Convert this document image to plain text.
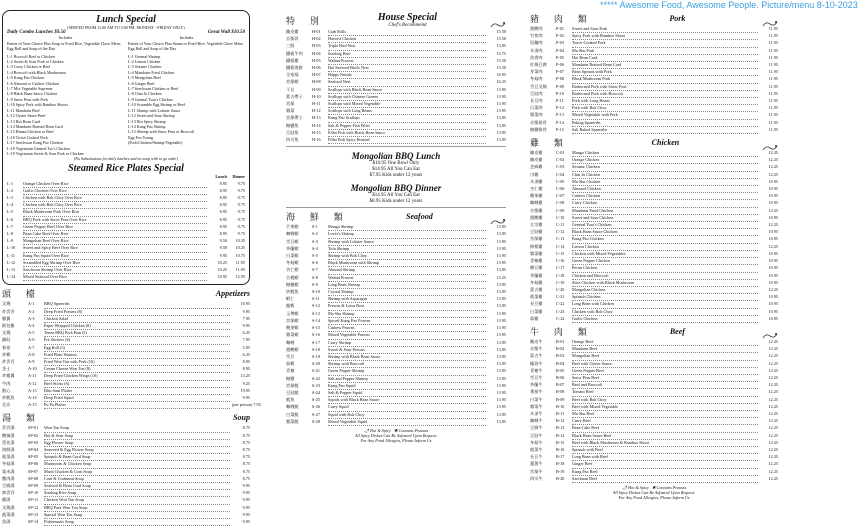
***** Awesome Food, Awesome People. Picture/menu 8-10-2023
Lunch Special
(SERVED FROM 11:00 AM TO 3:00 PM, MONDAY - FRIDAY ONLY)
Daily Combo Lunches $9.50
Includes
Entree of Your Choice Plus Soup or Fried Rice, Vegetable Chow Mein, Egg Roll and Soup of the Day
L-1 Broccoli Beef or Chicken
L-2 Sweet & Sour Pork or Chicken
L-3 Curry Chicken or Beef
L-4 Broccoli with Black Mushrooms
L-5 Kung Pao Chicken
L-6 Almond or Cashew Chicken
L-7 Mix Vegetable Supreme
L-8 Black Bean Sauce Chicken
L-9 Snow Peas with Pork
L-10 Spicy Pork with Bamboo Shoots
L-11 Mandarin Beef
L-12 Oyster Sauce Beef
L-13 Hot Bean Curd
L-14 Mandarin Braised Bean Curd
L-15 Hunan Chicken or Beef
L-16 Twice-Cooked Pork
L-17 Szechwan Kung Pao Chicken
L-18 Vegetarian General Tso's Chicken
L-19 Vegetarian Sweet & Sour Pork or Chicken
Great Wall $10.50
Includes
Entree of Your Choice Plus Steam or Fried Rice, Vegetable Chow Mein, Egg Roll and Soup of the Day
L-1 General Shrimp
L-2 Lemon Chicken
L-3 Sesame Chicken
L-4 Mandarin Fried Chicken
L-5 Mongolian Beef
L-6 Ginger Beef
L-7 Szechwan Chicken or Beef
L-8 Chin Ju Chicken
L-9 General Tsao's Chicken
L-10 Scramble Egg Shrimp or Beef
L-11 Shrimp with Lobster Sauce
L-12 Sweet and Sour Shrimp
L-13 Hot Spicy Shrimp
L-14 Kung Pao Shrimp
L-15 Shrimp with Snow Peas or Broccoli
Egg Foo Young
(Pork/Chicken/Shrimp/Vegetable)
(No Substitutions for daily lunches and no soup with to go order)
Steamed Rice Plates Special
Lunch	Dinner
L-1	Orange Chicken Over Rice	8.95	9.75
L-2	Garlic Chicken Over Rice	8.95	9.75
L-3	Chicken with Bok Choy Over Rice	8.95	9.75
L-4	Chicken with Bok Choy Over Rice	8.95	9.75
L-5	Black Mushroom Pork Over Rice	8.95	9.75
L-6	BBQ Pork with Snow Peas Over Rice	8.95	9.75
L-7	Green Pepper Beef Over Rice	8.95	9.75
L-8	Bean Cake Beef Over Rice	8.95	9.75
L-9	Mongolian Beef Over Rice	9.50	10.25
L-10	Sweet and Spicy Beef Over Rice	9.50	10.25
L-11	Kung Pao Squid Over Rice	9.95	10.75
L-12	Scrambled Egg Shrimp Over Rice	10.25	11.95
L-13	Szechwan Shrimp Over Rice	10.25	11.95
L-14	Mixed Seafood Over Rice	10.95	12.95
頭 檯	Appetizers
叉燒	A-1	BBQ Spareribs	10.95
炸雲吞	A-2	Deep Fried Prawns (8)	9.95
雞翼	A-3	Chicken Salad	7.95
紙包雞	A-4	Paper Wrapped Chicken (8)	9.95
叉燒	A-5	Tenen BBQ Pork Bun (5)	6.25
鍋貼	A-6	Pot Stickers (6)	7.95
春卷	A-7	Egg Roll (5)	5.95
炸蝦	A-8	Fried Plain Wonton	6.25
炸雲吞	A-9	Fried Won Ton with Pork (16)	8.95
芝士	A-10	Cream Cheese Won Ton (8)	8.95
炸雞翼	A-11	Deep Fried Chicken Wings (10)	13.25
牛肉	A-12	Beef Sticks (6)	9.25
點心	A-13	Dim Sum Platter	19.95
炸魷魚	A-14	Deep Fried Squid	9.95
北京	A-15	Pu Pu Platter	(per person) 7.95
湯 類	Soup
雲吞湯	SP-01	Won Ton Soup	8.75
酸辣湯	SP-02	Hot & Sour Soup	8.75
蛋花湯	SP-03	Egg Flower Soup	8.75
海鮮湯	SP-04	Seaweed & Egg Flower Soup	8.75
菠菜湯	SP-05	Spinach & Bean Curd Soup	8.75
冬菇湯	SP-06	Mushroom & Chicken Soup	8.75
粟米湯	SP-07	Mush Chicken & Corn Soup	8.75
蟹肉湯	SP-08	Corn & Crabmeat Soup	8.75
豆腐湯	SP-09	Seafood & Bean Curd Soup	9.95
窩雲吞	SP-10	Sizzling Rice Soup	9.95
雞湯	SP-11	Chicken Won Ton Soup	9.95
叉燒湯	SP-12	BBQ Pork Won Ton Soup	9.95
菠菜湯	SP-13	Special Won Ton Soup	9.95
魚湯	SP-14	Fisherman's Soup	9.95
特 別	House Special
Chef's Recommend
陳皮雞	H-01	Crab Rolls	15.50
京都骨	H-02	Harvest Chicken	15.50
三鮮	H-03	Triple Bird Nest	13.95
鐵板牛肉	H-04	Sizzling Beef	15.75
鐵板雞	H-05	Walnut Prawns	15.50
鐵板海鮮	H-06	Hot Seafood Bird's Nest	15.50
全家福	H-07	Happy Family	16.95
宮保蝦	H-08	Seafood Nest	16.25
干貝	H-09	Scallops with Black Bean Sauce	13.95
蒙古帶子	H-10	Scallops with Chinese Greens	13.95
宮保	H-11	Scallops with Mixed Vegetable	13.95
雜菜	H-12	Scallops with Long Beans	13.95
宮保帶子	H-13	Kung Pao Scallops	13.95
椒鹽魚	H-14	Salt & Pepper Fish Fillet	13.95
豆豉魚	H-15	Fillet Fish with Black Bean Sauce	13.95
四川魚	H-16	Fillet Fish Spicy Braised	13.95
Mongolian BBQ Lunch
$10.95 One Bowl Only
$14.95 All You Can Eat
$7.95 Kids under 12 years
Mongolian BBQ Dinner
$14.95 All You Can Eat
$8.95 Kids under 12 years
海 鮮 類	Seafood
芒果蝦	S-1	Mango Shrimp	13.95
咖喱蝦	S-2	Lover's Shrimp	13.95
雪豆蝦	S-3	Shrimp with Lobster Sauce	13.95
芥蘭蝦	S-4	Tofu Shrimp	13.95
白菜蝦	S-5	Shrimp with Bok Choy	13.95
冬菇蝦	S-6	Black Mushroom with Shrimp	13.95
杏仁蝦	S-7	Almond Shrimp	13.95
合桃蝦	S-8	Walnut Prawns	15.25
椒鹽蝦	S-9	Long Bean Shrimp	13.95
炒魷魚	S-10	Crystal Shrimp	13.95
蝦仁	S-11	Shrimp with Asparagus	13.95
龍蝦	S-12	Prawns & Lotus Root	13.95
玉帶蝦	S-13	Ma Shu Shrimp	13.95
宮保蝦	S-14	Spiced Kung Pao Prawns	13.95
腰果蝦	S-15	Cashew Prawns	13.95
雜菜蝦	S-16	Mixed Vegetable Prawns	13.95
咖喱	S-17	Curry Shrimp	13.95
甜酸蝦	S-18	Sweet & Sour Prawns	13.95
雪豆	S-19	Shrimp with Black Bean Sauce	13.95
蒜蝦	S-20	Shrimp with Broccoli	13.95
青椒	S-21	Green Pepper Shrimp	13.95
椒鹽	S-22	Salt and Pepper Shrimp	13.95
宮保魷	S-23	Kung Pao Squid	13.95
豆豉魷	S-24	Salt & Pepper Squid	13.95
魷魚	S-25	Squids with Black Bean Sauce	13.95
咖喱魷	S-26	Curry Squid	13.95
白菜魷	S-27	Squid with Bok Choy	13.95
雜菜魷	S-28	Mixed Vegetable Squid	13.95
🌶 Hot & Spicy ✱ Contains Peanuts
All Spicy Dishes Can Be Adjusted Upon Request.
For Any Food Allergies, Please Inform Us
豬 肉 類	Pork
甜酸肉	P-01	Sweet and Sour Pork	11.95
竹筍肉	P-02	Spicy Pork with Bamboo Shoot	11.95
回鍋肉	P-03	Twice-Cooked Pork	11.95
木須肉	P-04	Mu Shu Pork	11.95
魚香肉	P-05	Hot Bean Curd	11.95
紅燒豆腐	P-06	Mandarin Braised Bean Curd	11.95
芽菜肉	P-07	Bean Sprouts with Pork	11.95
冬菇肉	P-08	Black Mushroom Pork	11.95
雪豆叉燒	P-09	Barbecued Pork with Snow Peas	11.95
豆豉肉	P-10	Barbecued Pork with Broccoli	11.95
長豆肉	P-11	Pork with Long Beans	11.95
白菜肉	P-12	Pork with Bok Choy	11.95
雜菜肉	P-13	Mixed Vegetable with Pork	11.95
京都排骨	P-14	Peking Spareribs	11.95
椒鹽排骨	P-15	Salt Baked Spareribs	11.95
雞 類	Chicken
陳皮雞	C-01	Mango Chicken	12.25
陳皮雞	C-02	Orange Chicken	12.25
芝麻雞	C-03	Sesame Chicken	12.25
川雞	C-04	Chin Ju Chicken	12.25
木須雞	C-05	Mu Shu Chicken	10.95
杏仁雞	C-06	Almond Chicken	10.95
腰果雞	C-07	Cashew Chicken	10.95
咖喱雞	C-08	Curry Chicken	10.95
京都雞	C-09	Mandarin Fried Chicken	12.25
甜酸雞	C-10	Sweet and Sour Chicken	10.95
左宗雞	C-11	General Tsao's Chicken	12.25
豆豉雞	C-12	Black Bean Sauce Chicken	10.95
宮保雞	C-13	Kung Pao Chicken	10.95
檸檬雞	C-14	Lemon Chicken	12.25
雜菜雞	C-15	Chicken with Mixed Vegetables	10.95
青椒雞	C-16	Green Pepper Chicken	10.95
腰豆雞	C-17	Pecan Chicken	10.95
芥蘭雞	C-18	Chicken and Broccoli	10.95
冬菇雞	C-19	Slice Chicken with Black Mushroom	10.95
蒙古雞	C-20	Mongolian Chicken	12.25
菠菜雞	C-21	Spinach Chicken	10.95
長豆雞	C-22	Long Bean with Chicken	10.95
白菜雞	C-23	Chicken with Bok Choy	10.95
蒜雞	C-24	Garlic Chicken	10.95
牛 肉 類	Beef
陳皮牛	B-01	Orange Beef	12.25
京都牛	B-02	Mandarin Beef	12.25
蒙古牛	B-03	Mongolian Beef	12.25
蠔油牛	B-04	Beef with Oyster Sauce	12.25
青椒牛	B-05	Green Pepper Beef	12.25
雪豆牛	B-06	Snow Peas Beef	12.25
芥蘭牛	B-07	Beef and Broccoli	12.25
番茄牛	B-08	Tomato Beef	12.25
白菜牛	B-09	Beef with Bok Choy	12.25
雜菜牛	B-10	Beef with Mixed Vegetable	12.25
木須牛	B-11	Mu Shu Beef	12.25
咖喱牛	B-12	Curry Beef	12.25
豆腐牛	B-13	Bean Cake Beef	12.25
豆豉牛	B-14	Black Bean Sauce Beef	12.25
冬菇牛	B-15	Beef with Black Mushroom & Bamboo Shoot	12.25
菠菜牛	B-16	Spinach with Beef	12.25
長豆牛	B-17	Long Bean with Beef	12.25
薑葱牛	B-18	Ginger Beef	12.25
宮保牛	B-19	Kung Pao Beef	12.25
四川牛	B-20	Szechuan Beef	12.25
🌶 Hot & Spicy ✱ Contains Peanuts
All Spicy Dishes Can Be Adjusted Upon Request.
For Any Food Allergies, Please Inform Us
